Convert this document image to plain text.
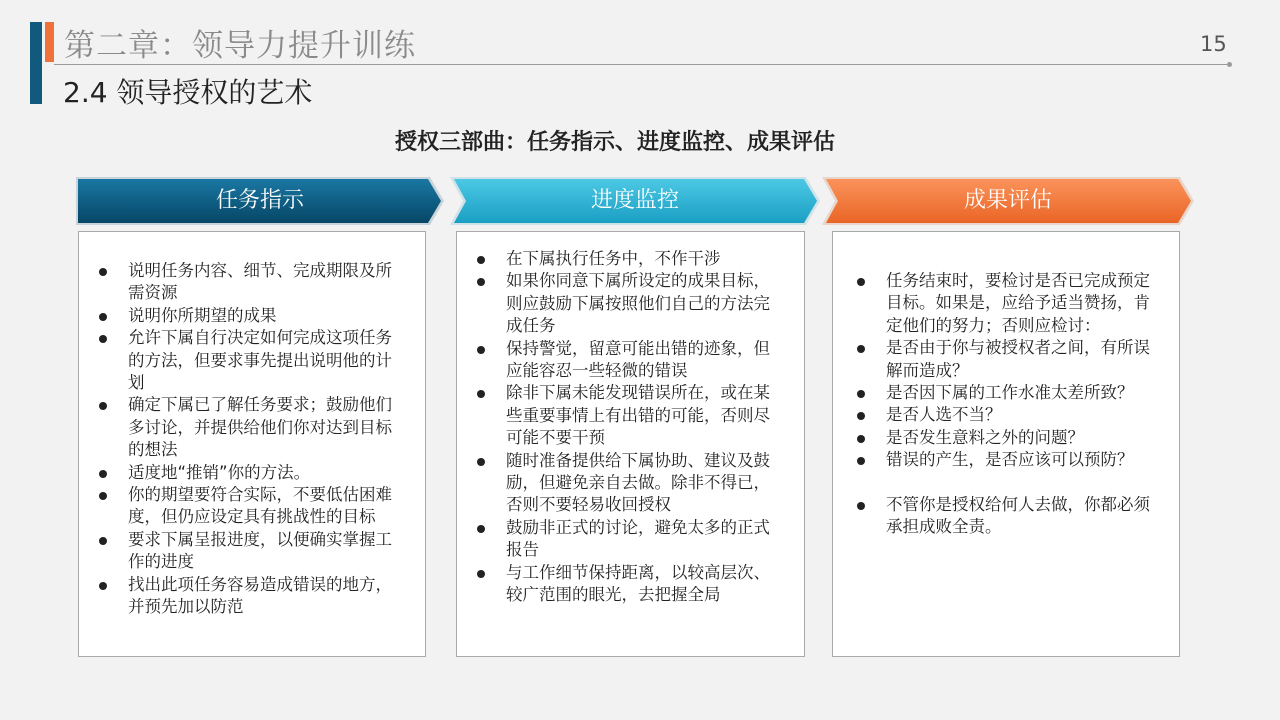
第二章：领导力提升训练	15
2.4 领导授权的艺术
授权三部曲：任务指示、进度监控、成果评估
任务指示	进度监控	成果评估
说明任务内容、细节、完成期限及所需资源
说明你所期望的成果
允许下属自行决定如何完成这项任务的方法，但要求事先提出说明他的计划
确定下属已了解任务要求；鼓励他们多讨论，并提供给他们你对达到目标的想法
适度地“推销”你的方法。
你的期望要符合实际，不要低估困难度，但仍应设定具有挑战性的目标
要求下属呈报进度，以便确实掌握工作的进度
找出此项任务容易造成错误的地方，并预先加以防范
在下属执行任务中，不作干涉
如果你同意下属所设定的成果目标，则应鼓励下属按照他们自己的方法完成任务
保持警觉，留意可能出错的迹象，但应能容忍一些轻微的错误
除非下属未能发现错误所在，或在某些重要事情上有出错的可能，否则尽可能不要干预
随时准备提供给下属协助、建议及鼓励，但避免亲自去做。除非不得已，否则不要轻易收回授权
鼓励非正式的讨论，避免太多的正式报告
与工作细节保持距离，以较高层次、较广范围的眼光，去把握全局
任务结束时，要检讨是否已完成预定目标。如果是，应给予适当赞扬，肯定他们的努力；否则应检讨：
是否由于你与被授权者之间，有所误解而造成？
是否因下属的工作水准太差所致？
是否人选不当？
是否发生意料之外的问题？
错误的产生，是否应该可以预防？
不管你是授权给何人去做，你都必须承担成败全责。
